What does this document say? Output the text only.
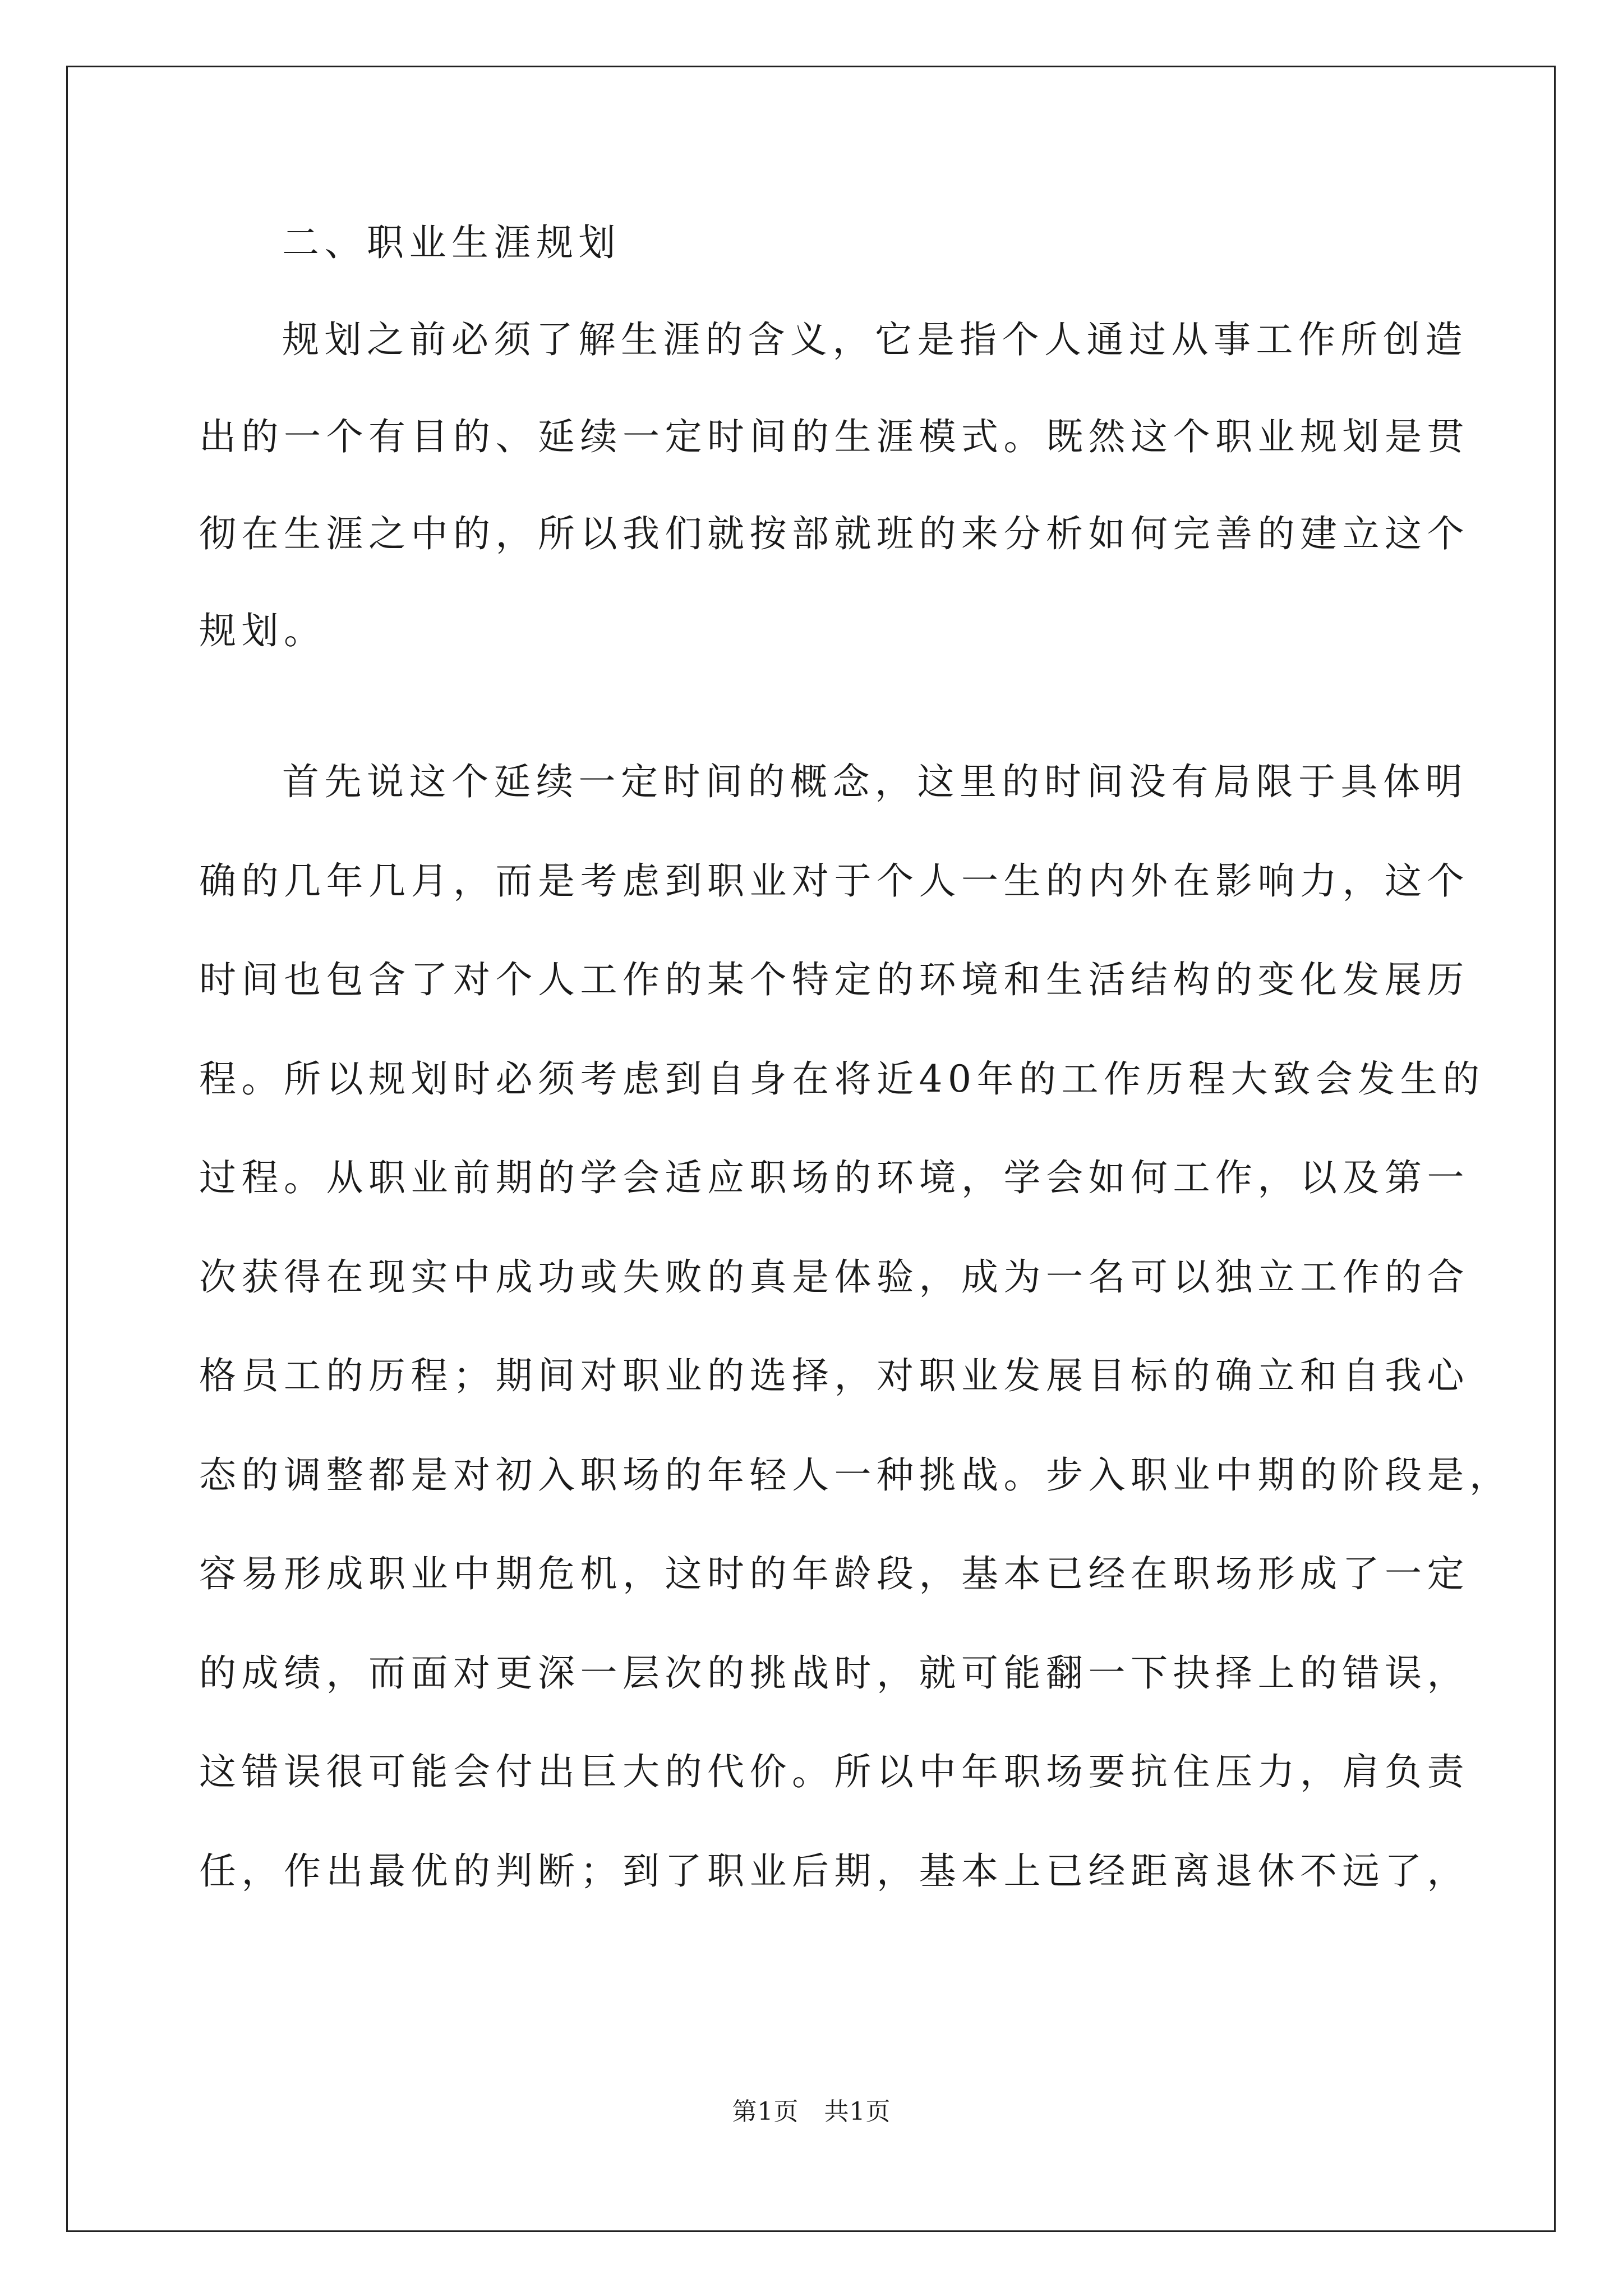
二、职业生涯规划
规划之前必须了解生涯的含义，它是指个人通过从事工作所创造
出的一个有目的、延续一定时间的生涯模式。既然这个职业规划是贯
彻在生涯之中的，所以我们就按部就班的来分析如何完善的建立这个
规划。
首先说这个延续一定时间的概念，这里的时间没有局限于具体明
确的几年几月，而是考虑到职业对于个人一生的内外在影响力，这个
时间也包含了对个人工作的某个特定的环境和生活结构的变化发展历
程。所以规划时必须考虑到自身在将近40年的工作历程大致会发生的
过程。从职业前期的学会适应职场的环境，学会如何工作，以及第一
次获得在现实中成功或失败的真是体验，成为一名可以独立工作的合
格员工的历程；期间对职业的选择，对职业发展目标的确立和自我心
态的调整都是对初入职场的年轻人一种挑战。步入职业中期的阶段是，
容易形成职业中期危机，这时的年龄段，基本已经在职场形成了一定
的成绩，而面对更深一层次的挑战时，就可能翻一下抉择上的错误，
这错误很可能会付出巨大的代价。所以中年职场要抗住压力，肩负责
任，作出最优的判断；到了职业后期，基本上已经距离退休不远了，
第1页　共1页
